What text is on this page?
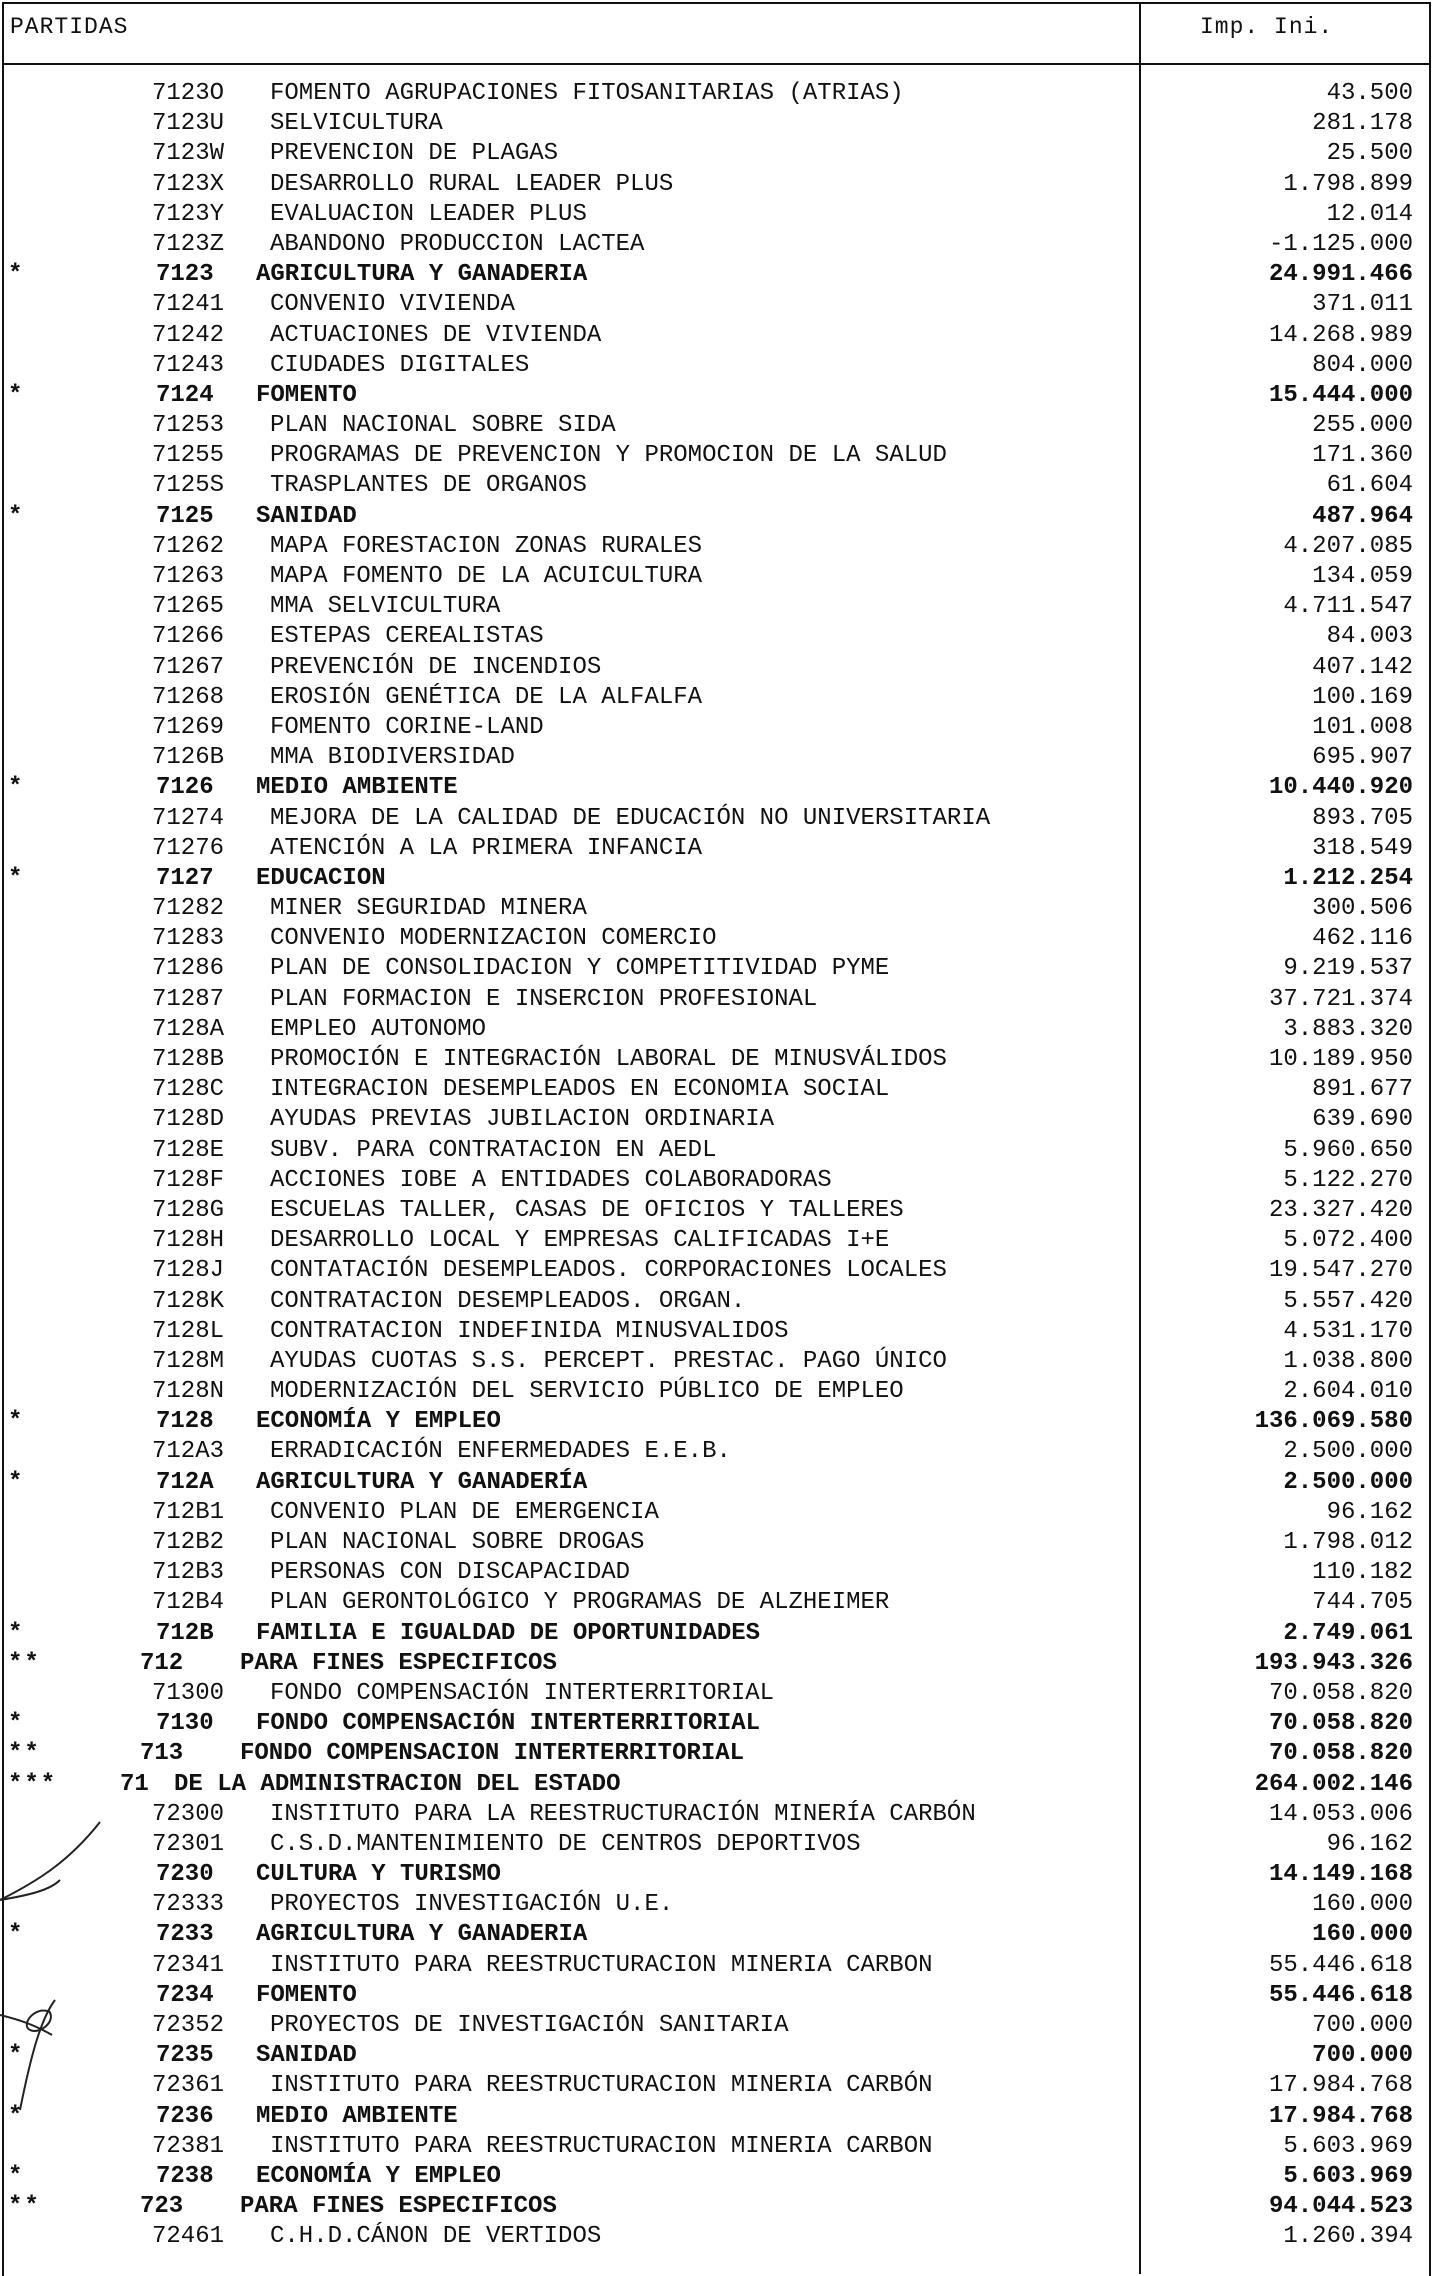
PARTIDAS	Imp. Ini.
7123O FOMENTO AGRUPACIONES FITOSANITARIAS (ATRIAS)	43.500
7123U SELVICULTURA	281.178
7123W PREVENCION DE PLAGAS	25.500
7123X DESARROLLO RURAL LEADER PLUS	1.798.899
7123Y EVALUACION LEADER PLUS	12.014
7123Z ABANDONO PRODUCCION LACTEA	-1.125.000
*	7123 AGRICULTURA Y GANADERIA	24.991.466
71241 CONVENIO VIVIENDA	371.011
71242 ACTUACIONES DE VIVIENDA	14.268.989
71243 CIUDADES DIGITALES	804.000
*	7124 FOMENTO	15.444.000
71253 PLAN NACIONAL SOBRE SIDA	255.000
71255 PROGRAMAS DE PREVENCION Y PROMOCION DE LA SALUD	171.360
7125S TRASPLANTES DE ORGANOS	61.604
*	7125 SANIDAD	487.964
71262 MAPA FORESTACION ZONAS RURALES	4.207.085
71263 MAPA FOMENTO DE LA ACUICULTURA	134.059
71265 MMA SELVICULTURA	4.711.547
71266 ESTEPAS CEREALISTAS	84.003
71267 PREVENCIÓN DE INCENDIOS	407.142
71268 EROSIÓN GENÉTICA DE LA ALFALFA	100.169
71269 FOMENTO CORINE-LAND	101.008
7126B MMA BIODIVERSIDAD	695.907
*	7126 MEDIO AMBIENTE	10.440.920
71274 MEJORA DE LA CALIDAD DE EDUCACIÓN NO UNIVERSITARIA	893.705
71276 ATENCIÓN A LA PRIMERA INFANCIA	318.549
*	7127 EDUCACION	1.212.254
71282 MINER SEGURIDAD MINERA	300.506
71283 CONVENIO MODERNIZACION COMERCIO	462.116
71286 PLAN DE CONSOLIDACION Y COMPETITIVIDAD PYME	9.219.537
71287 PLAN FORMACION E INSERCION PROFESIONAL	37.721.374
7128A EMPLEO AUTONOMO	3.883.320
7128B PROMOCIÓN E INTEGRACIÓN LABORAL DE MINUSVÁLIDOS	10.189.950
7128C INTEGRACION DESEMPLEADOS EN ECONOMIA SOCIAL	891.677
7128D AYUDAS PREVIAS JUBILACION ORDINARIA	639.690
7128E SUBV. PARA CONTRATACION EN AEDL	5.960.650
7128F ACCIONES IOBE A ENTIDADES COLABORADORAS	5.122.270
7128G ESCUELAS TALLER, CASAS DE OFICIOS Y TALLERES	23.327.420
7128H DESARROLLO LOCAL Y EMPRESAS CALIFICADAS I+E	5.072.400
7128J CONTATACIÓN DESEMPLEADOS. CORPORACIONES LOCALES	19.547.270
7128K CONTRATACION DESEMPLEADOS. ORGAN.	5.557.420
7128L CONTRATACION INDEFINIDA MINUSVALIDOS	4.531.170
7128M AYUDAS CUOTAS S.S. PERCEPT. PRESTAC. PAGO ÚNICO	1.038.800
7128N MODERNIZACIÓN DEL SERVICIO PÚBLICO DE EMPLEO	2.604.010
*	7128 ECONOMÍA Y EMPLEO	136.069.580
712A3 ERRADICACIÓN ENFERMEDADES E.E.B.	2.500.000
*	712A AGRICULTURA Y GANADERÍA	2.500.000
712B1 CONVENIO PLAN DE EMERGENCIA	96.162
712B2 PLAN NACIONAL SOBRE DROGAS	1.798.012
712B3 PERSONAS CON DISCAPACIDAD	110.182
712B4 PLAN GERONTOLÓGICO Y PROGRAMAS DE ALZHEIMER	744.705
*	712B FAMILIA E IGUALDAD DE OPORTUNIDADES	2.749.061
**	712 PARA FINES ESPECIFICOS	193.943.326
71300 FONDO COMPENSACIÓN INTERTERRITORIAL	70.058.820
*	7130 FONDO COMPENSACIÓN INTERTERRITORIAL	70.058.820
**	713 FONDO COMPENSACION INTERTERRITORIAL	70.058.820
***	71 DE LA ADMINISTRACION DEL ESTADO	264.002.146
72300 INSTITUTO PARA LA REESTRUCTURACIÓN MINERÍA CARBÓN	14.053.006
72301 C.S.D.MANTENIMIENTO DE CENTROS DEPORTIVOS	96.162
7230 CULTURA Y TURISMO	14.149.168
72333 PROYECTOS INVESTIGACIÓN U.E.	160.000
*	7233 AGRICULTURA Y GANADERIA	160.000
72341 INSTITUTO PARA REESTRUCTURACION MINERIA CARBON	55.446.618
7234 FOMENTO	55.446.618
72352 PROYECTOS DE INVESTIGACIÓN SANITARIA	700.000
*	7235 SANIDAD	700.000
72361 INSTITUTO PARA REESTRUCTURACION MINERIA CARBÓN	17.984.768
*	7236 MEDIO AMBIENTE	17.984.768
72381 INSTITUTO PARA REESTRUCTURACION MINERIA CARBON	5.603.969
*	7238 ECONOMÍA Y EMPLEO	5.603.969
**	723 PARA FINES ESPECIFICOS	94.044.523
72461 C.H.D.CÁNON DE VERTIDOS	1.260.394
